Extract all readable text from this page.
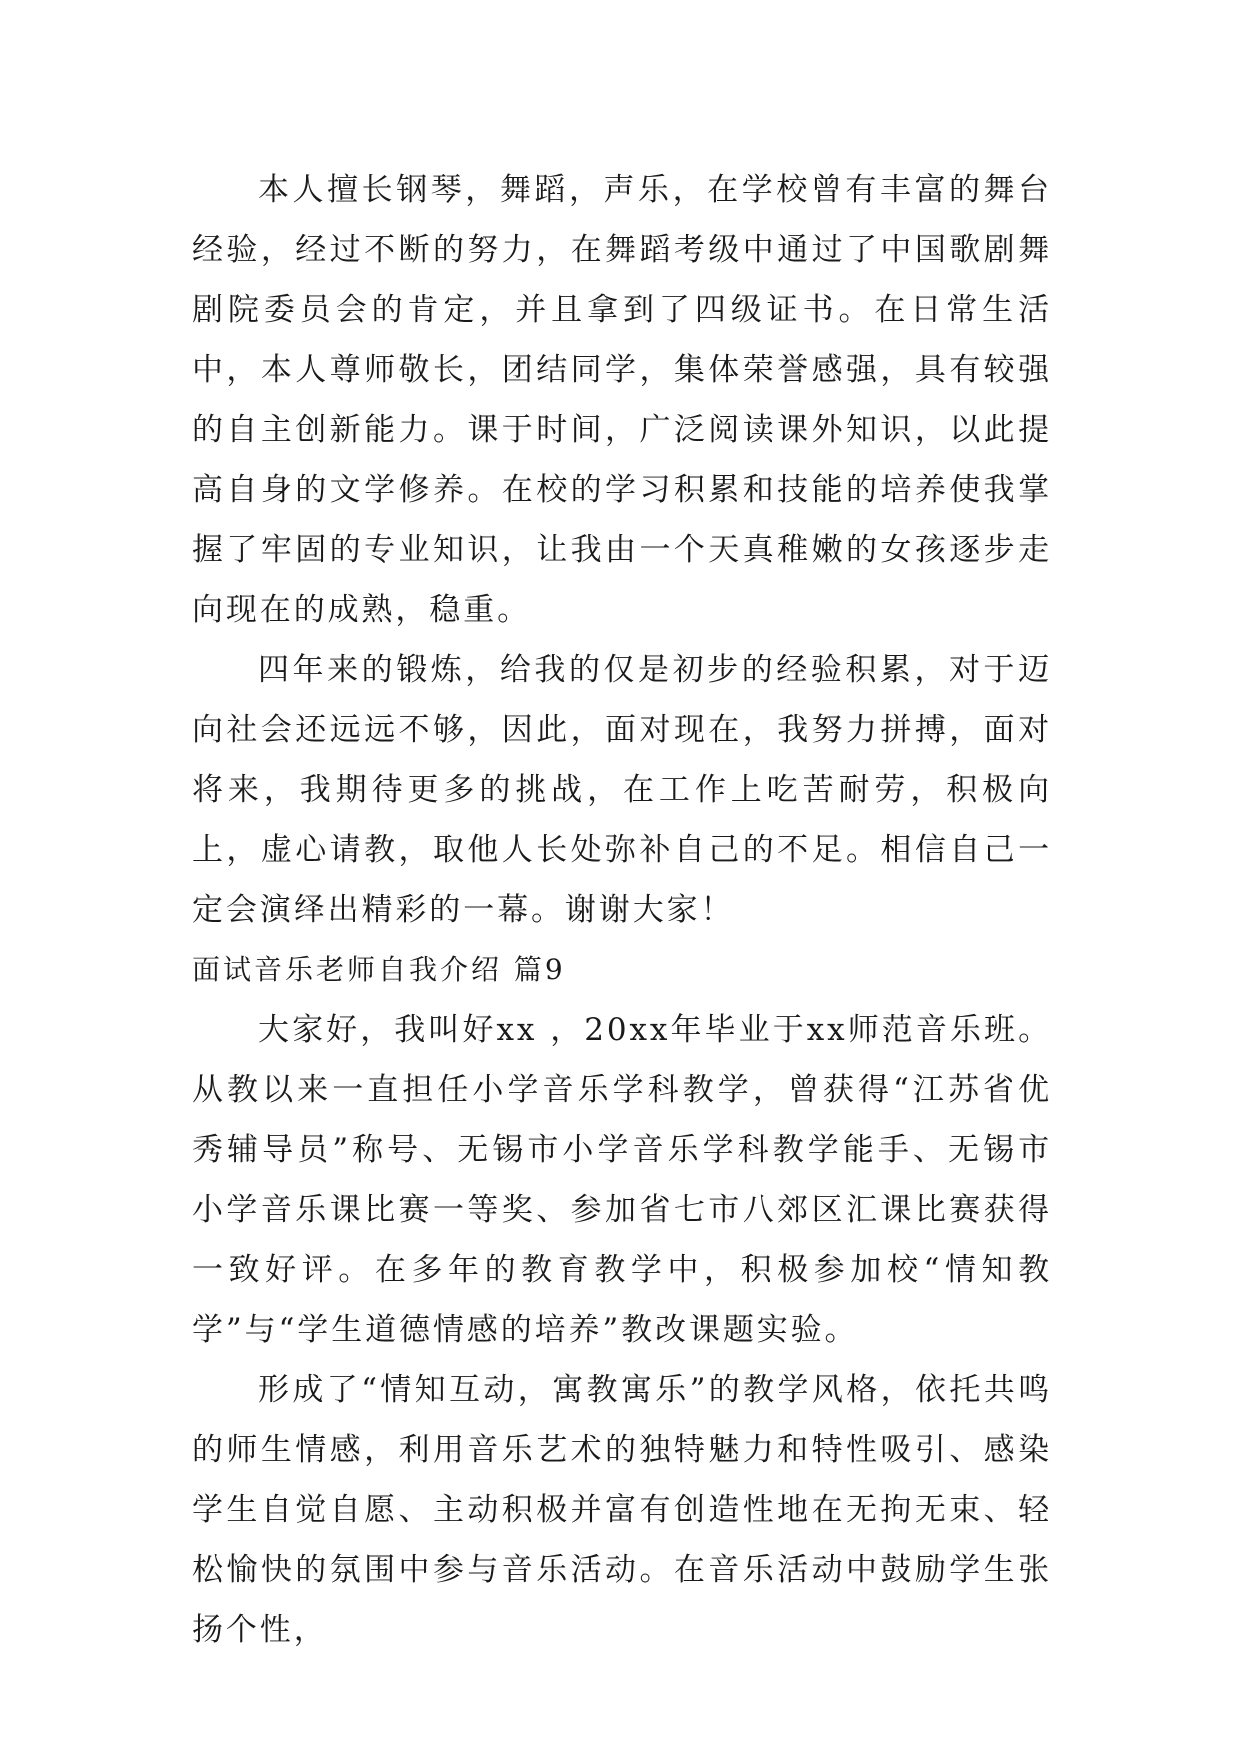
本人擅长钢琴，舞蹈，声乐，在学校曾有丰富的舞台经验，经过不断的努力，在舞蹈考级中通过了中国歌剧舞剧院委员会的肯定，并且拿到了四级证书。在日常生活中，本人尊师敬长，团结同学，集体荣誉感强，具有较强的自主创新能力。课于时间，广泛阅读课外知识，以此提高自身的文学修养。在校的学习积累和技能的培养使我掌握了牢固的专业知识，让我由一个天真稚嫩的女孩逐步走向现在的成熟，稳重。

四年来的锻炼，给我的仅是初步的经验积累，对于迈向社会还远远不够，因此，面对现在，我努力拼搏，面对将来，我期待更多的挑战，在工作上吃苦耐劳，积极向上，虚心请教，取他人长处弥补自己的不足。相信自己一定会演绎出精彩的一幕。谢谢大家！

面试音乐老师自我介绍 篇9

大家好，我叫好xx ，20xx年毕业于xx师范音乐班。从教以来一直担任小学音乐学科教学，曾获得“江苏省优秀辅导员”称号、无锡市小学音乐学科教学能手、无锡市小学音乐课比赛一等奖、参加省七市八郊区汇课比赛获得一致好评。在多年的教育教学中，积极参加校“情知教学”与“学生道德情感的培养”教改课题实验。

形成了“情知互动，寓教寓乐”的教学风格，依托共鸣的师生情感，利用音乐艺术的独特魅力和特性吸引、感染学生自觉自愿、主动积极并富有创造性地在无拘无束、轻松愉快的氛围中参与音乐活动。在音乐活动中鼓励学生张扬个性，
